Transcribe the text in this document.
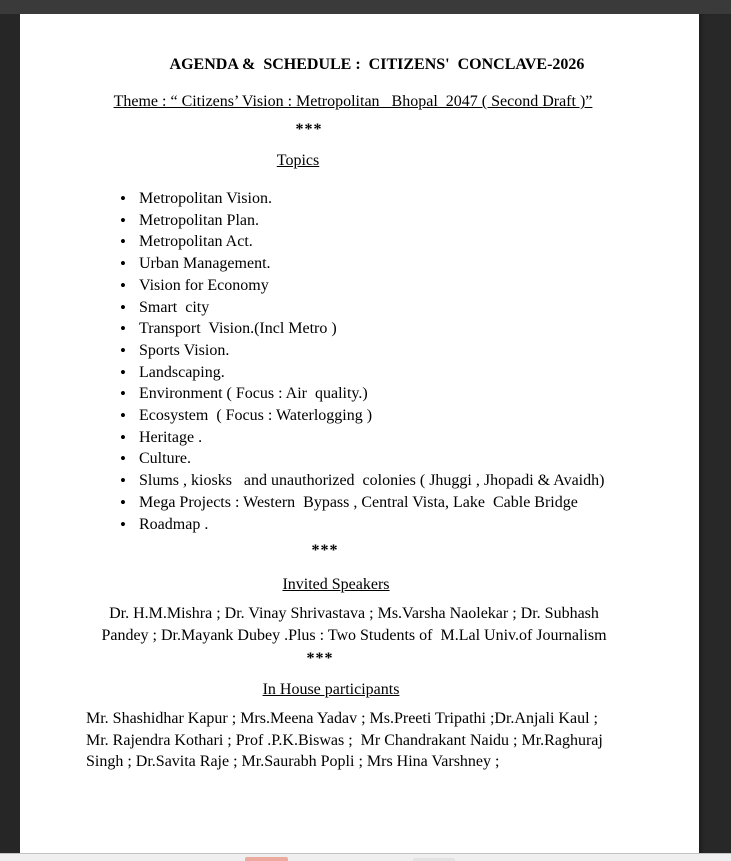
AGENDA &  SCHEDULE :  CITIZENS'  CONCLAVE-2026
Theme : “ Citizens’ Vision : Metropolitan   Bhopal  2047 ( Second Draft )”
***
Topics
• Metropolitan Vision.
• Metropolitan Plan.
• Metropolitan Act.
• Urban Management.
• Vision for Economy
• Smart  city
• Transport  Vision.(Incl Metro )
• Sports Vision.
• Landscaping.
• Environment ( Focus : Air  quality.)
• Ecosystem  ( Focus : Waterlogging )
• Heritage .
• Culture.
• Slums , kiosks   and unauthorized  colonies ( Jhuggi , Jhopadi & Avaidh)
• Mega Projects : Western  Bypass , Central Vista, Lake  Cable Bridge
• Roadmap .
***
Invited Speakers
Dr. H.M.Mishra ; Dr. Vinay Shrivastava ; Ms.Varsha Naolekar ; Dr. Subhash
Pandey ; Dr.Mayank Dubey .Plus : Two Students of  M.Lal Univ.of Journalism
***
In House participants
Mr. Shashidhar Kapur ; Mrs.Meena Yadav ; Ms.Preeti Tripathi ;Dr.Anjali Kaul ;
Mr. Rajendra Kothari ; Prof .P.K.Biswas ;  Mr Chandrakant Naidu ; Mr.Raghuraj
Singh ; Dr.Savita Raje ; Mr.Saurabh Popli ; Mrs Hina Varshney ;
